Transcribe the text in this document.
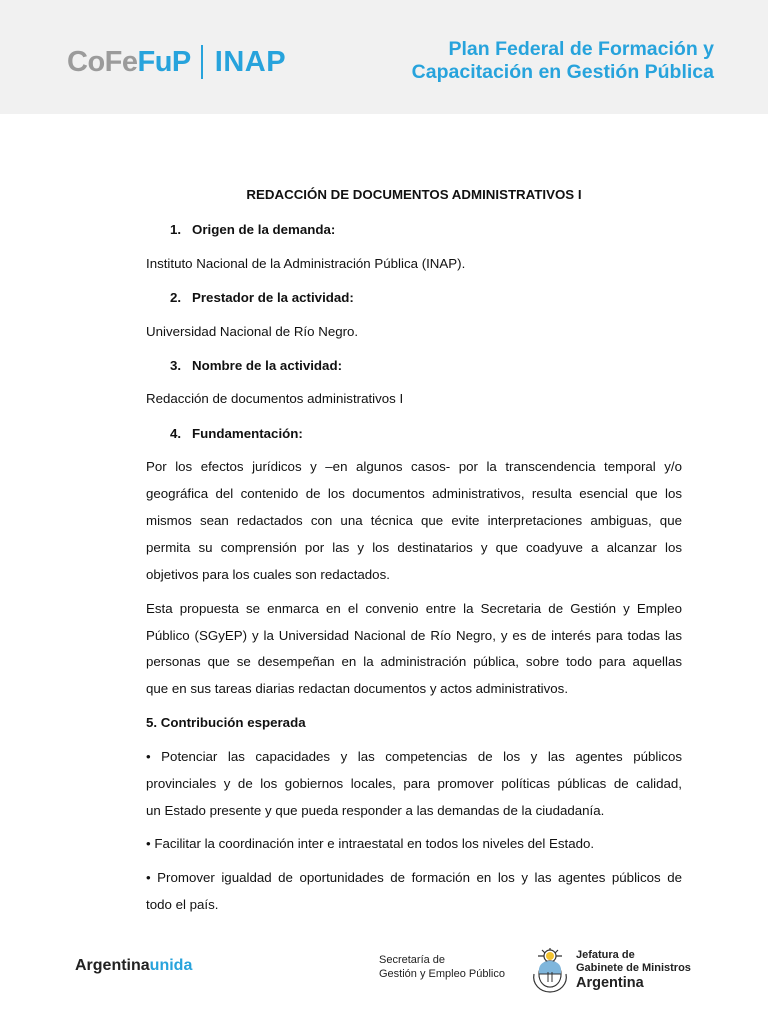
CoFe FuP INAP	Plan Federal de Formación y
Capacitación en Gestión Pública
REDACCIÓN DE DOCUMENTOS ADMINISTRATIVOS I
1. Origen de la demanda:
Instituto Nacional de la Administración Pública (INAP).
2. Prestador de la actividad:
Universidad Nacional de Río Negro.
3. Nombre de la actividad:
Redacción de documentos administrativos I
4. Fundamentación:
Por los efectos jurídicos y –en algunos casos- por la transcendencia temporal y/o
geográfica del contenido de los documentos administrativos, resulta esencial que los
mismos sean redactados con una técnica que evite interpretaciones ambiguas, que
permita su comprensión por las y los destinatarios y que coadyuve a alcanzar los
objetivos para los cuales son redactados.
Esta propuesta se enmarca en el convenio entre la Secretaria de Gestión y Empleo
Público (SGyEP) y la Universidad Nacional de Río Negro, y es de interés para todas las
personas que se desempeñan en la administración pública, sobre todo para aquellas
que en sus tareas diarias redactan documentos y actos administrativos.
5. Contribución esperada
• Potenciar las capacidades y las competencias de los y las agentes públicos
provinciales y de los gobiernos locales, para promover políticas públicas de calidad,
un Estado presente y que pueda responder a las demandas de la ciudadanía.
• Facilitar la coordinación inter e intraestatal en todos los niveles del Estado.
• Promover igualdad de oportunidades de formación en los y las agentes públicos de
todo el país.
Argentinaunida	Secretaría de
Gestión y Empleo Público
Jefatura de
Gabinete de Ministros
Argentina
